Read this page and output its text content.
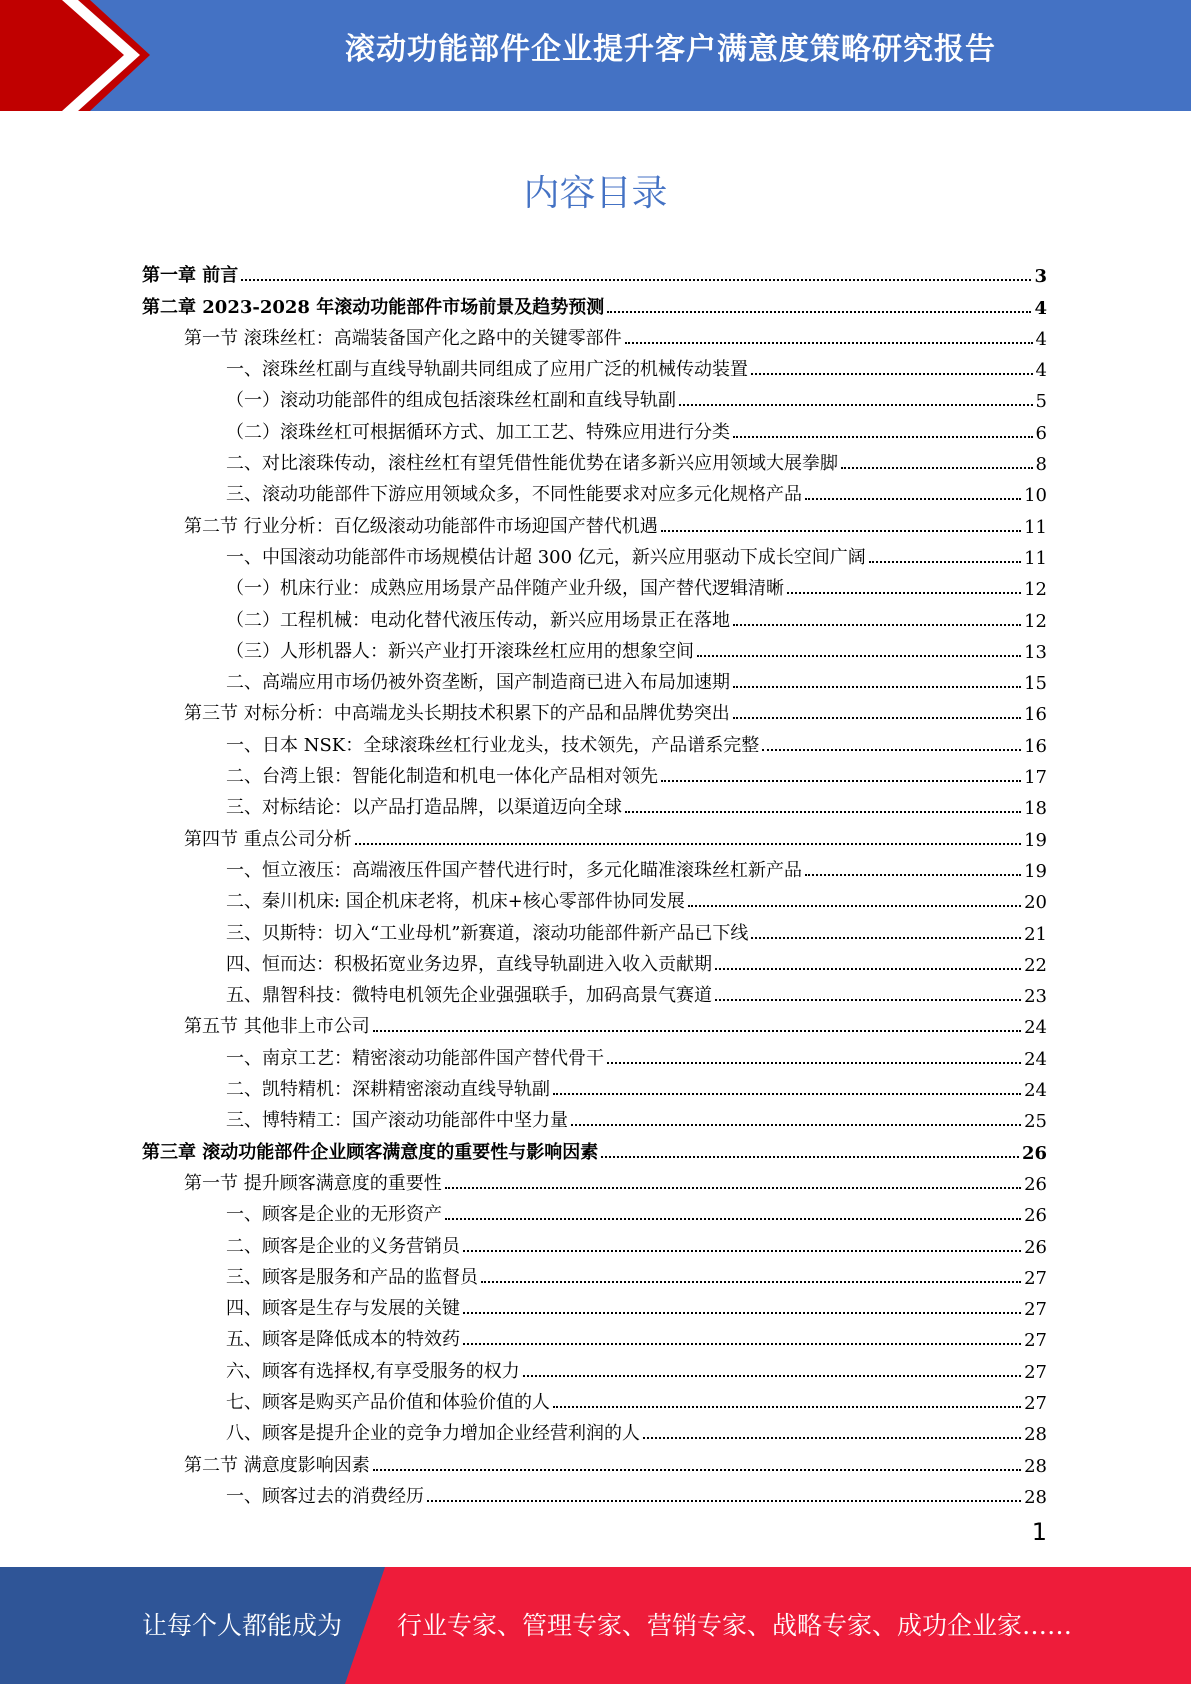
滚动功能部件企业提升客户满意度策略研究报告
内容目录
第一章 前言	3
第二章 2023-2028 年滚动功能部件市场前景及趋势预测	4
第一节 滚珠丝杠：高端装备国产化之路中的关键零部件	4
一、滚珠丝杠副与直线导轨副共同组成了应用广泛的机械传动装置	4
（一）滚动功能部件的组成包括滚珠丝杠副和直线导轨副	5
（二）滚珠丝杠可根据循环方式、加工工艺、特殊应用进行分类	6
二、对比滚珠传动，滚柱丝杠有望凭借性能优势在诸多新兴应用领域大展拳脚	8
三、滚动功能部件下游应用领域众多，不同性能要求对应多元化规格产品	10
第二节 行业分析：百亿级滚动功能部件市场迎国产替代机遇	11
一、中国滚动功能部件市场规模估计超 300 亿元，新兴应用驱动下成长空间广阔	11
（一）机床行业：成熟应用场景产品伴随产业升级，国产替代逻辑清晰	12
（二）工程机械：电动化替代液压传动，新兴应用场景正在落地	12
（三）人形机器人：新兴产业打开滚珠丝杠应用的想象空间	13
二、高端应用市场仍被外资垄断，国产制造商已进入布局加速期	15
第三节 对标分析：中高端龙头长期技术积累下的产品和品牌优势突出	16
一、日本 NSK：全球滚珠丝杠行业龙头，技术领先，产品谱系完整	16
二、台湾上银：智能化制造和机电一体化产品相对领先	17
三、对标结论：以产品打造品牌，以渠道迈向全球	18
第四节 重点公司分析	19
一、恒立液压：高端液压件国产替代进行时，多元化瞄准滚珠丝杠新产品	19
二、秦川机床: 国企机床老将，机床+核心零部件协同发展	20
三、贝斯特：切入“工业母机”新赛道，滚动功能部件新产品已下线	21
四、恒而达：积极拓宽业务边界，直线导轨副进入收入贡献期	22
五、鼎智科技：微特电机领先企业强强联手，加码高景气赛道	23
第五节 其他非上市公司	24
一、南京工艺：精密滚动功能部件国产替代骨干	24
二、凯特精机：深耕精密滚动直线导轨副	24
三、博特精工：国产滚动功能部件中坚力量	25
第三章 滚动功能部件企业顾客满意度的重要性与影响因素	26
第一节 提升顾客满意度的重要性	26
一、顾客是企业的无形资产	26
二、顾客是企业的义务营销员	26
三、顾客是服务和产品的监督员	27
四、顾客是生存与发展的关键	27
五、顾客是降低成本的特效药	27
六、顾客有选择权,有享受服务的权力	27
七、顾客是购买产品价值和体验价值的人	27
八、顾客是提升企业的竞争力增加企业经营利润的人	28
第二节 满意度影响因素	28
一、顾客过去的消费经历	28
1
让每个人都能成为 行业专家、管理专家、营销专家、战略专家、成功企业家……
